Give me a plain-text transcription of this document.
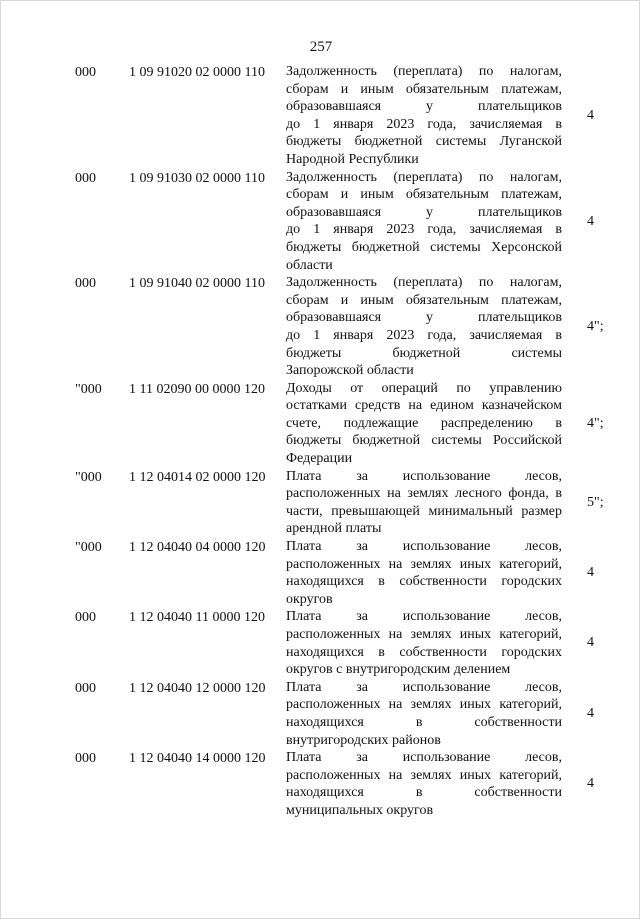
257
000 1 09 91020 02 0000 110 Задолженность (переплата) по налогам,
сборам и иным обязательным платежам,
образовавшаяся у плательщиков
до 1 января 2023 года, зачисляемая в
бюджеты бюджетной системы Луганской
Народной Республики
4
000 1 09 91030 02 0000 110 Задолженность (переплата) по налогам,
сборам и иным обязательным платежам,
образовавшаяся у плательщиков
до 1 января 2023 года, зачисляемая в
бюджеты бюджетной системы Херсонской
области
4
000 1 09 91040 02 0000 110 Задолженность (переплата) по налогам,
сборам и иным обязательным платежам,
образовавшаяся у плательщиков
до 1 января 2023 года, зачисляемая в
бюджеты бюджетной системы
Запорожской области
4";
"000 1 11 02090 00 0000 120 Доходы от операций по управлению
остатками средств на едином казначейском
счете, подлежащие распределению в
бюджеты бюджетной системы Российской
Федерации
4";
"000 1 12 04014 02 0000 120 Плата за использование лесов,
расположенных на землях лесного фонда, в
части, превышающей минимальный размер
арендной платы
5";
"000 1 12 04040 04 0000 120 Плата за использование лесов,
расположенных на землях иных категорий,
находящихся в собственности городских
округов
4
000 1 12 04040 11 0000 120 Плата за использование лесов,
расположенных на землях иных категорий,
находящихся в собственности городских
округов с внутригородским делением
4
000 1 12 04040 12 0000 120 Плата за использование лесов,
расположенных на землях иных категорий,
находящихся в собственности
внутригородских районов
4
000 1 12 04040 14 0000 120 Плата за использование лесов,
расположенных на землях иных категорий,
находящихся в собственности
муниципальных округов
4
